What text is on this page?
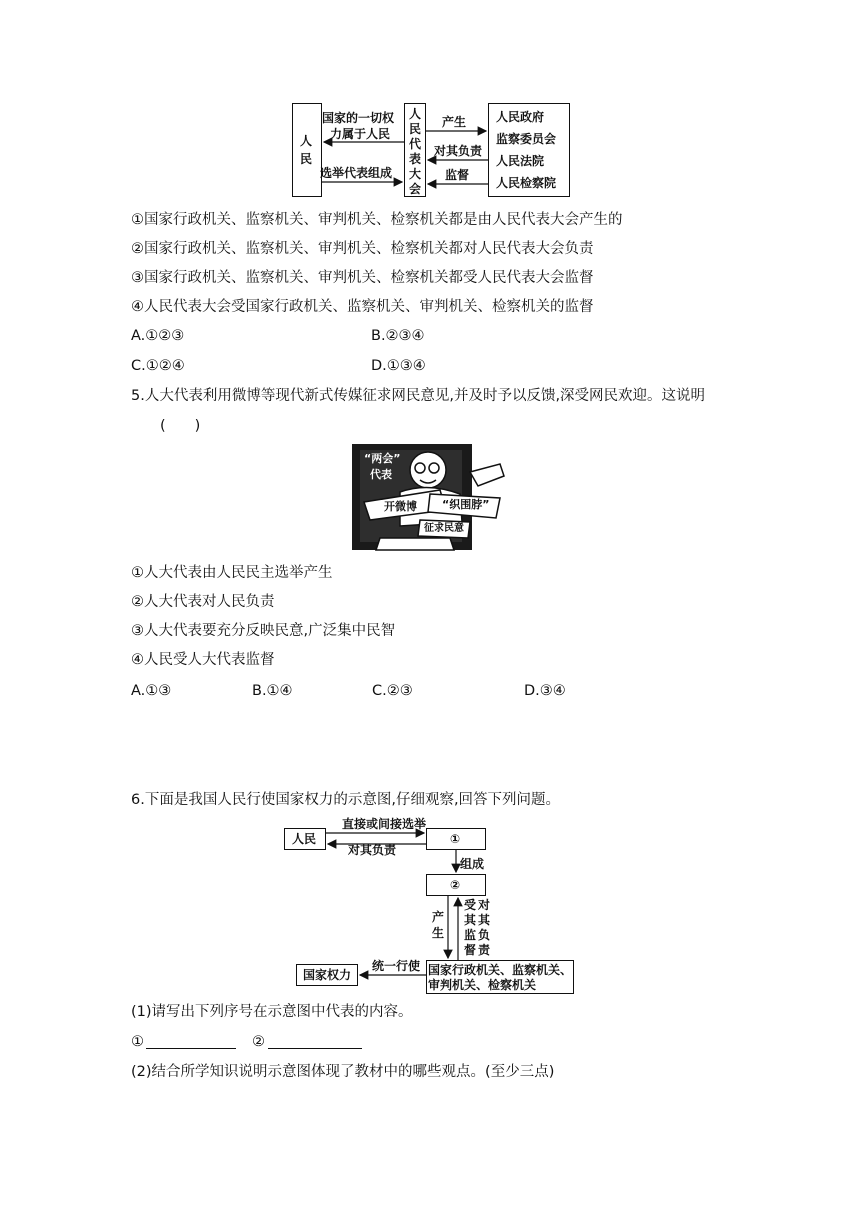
人
民
人
民
代
表
大
会
人民政府
监察委员会
人民法院
人民检察院
国家的一切权
力属于人民
选举代表组成
产生
对其负责
监督
①国家行政机关、监察机关、审判机关、检察机关都是由人民代表大会产生的
②国家行政机关、监察机关、审判机关、检察机关都对人民代表大会负责
③国家行政机关、监察机关、审判机关、检察机关都受人民代表大会监督
④人民代表大会受国家行政机关、监察机关、审判机关、检察机关的监督
A.①②③	B.②③④
C.①②④	D.①③④
5.人大代表利用微博等现代新式传媒征求网民意见,并及时予以反馈,深受网民欢迎。这说明
(　　)
“两会”
代表
开微博 “织围脖”
征求民意
①人大代表由人民民主选举产生
②人大代表对人民负责
③人大代表要充分反映民意,广泛集中民智
④人民受人大代表监督
A.①③	B.①④	C.②③	D.③④
6.下面是我国人民行使国家权力的示意图,仔细观察,回答下列问题。
人民	①
直接或间接选举
对其负责
组成
②
产
生
受
其
监
督
对
其
负
责
国家行政机关、监察机关、
审判机关、检察机关
统一行使
国家权力
(1)请写出下列序号在示意图中代表的内容。
①	②
(2)结合所学知识说明示意图体现了教材中的哪些观点。(至少三点)
